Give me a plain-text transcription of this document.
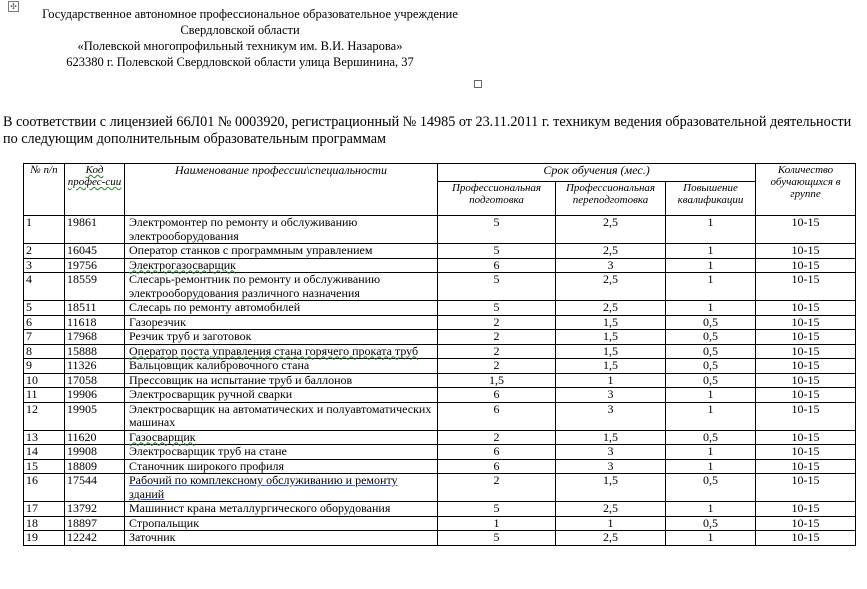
✣
Государственное автономное профессиональное образовательное учреждение
Свердловской области
«Полевской многопрофильный техникум им. В.И. Назарова»
623380 г. Полевской Свердловской области улица Вершинина, 37
В соответствии с лицензией 66Л01 № 0003920, регистрационный № 14985 от 23.11.2011 г. техникум ведения образовательной деятельности по следующим дополнительным образовательным программам
№ п/п	Код профес-сии	Наименование профессии\специальности	Срок обучения (мес.)			Количество обучающихся в группе
			Профессиональная подготовка	Профессиональная переподготовка	Повышение квалификации	
1	19861	Электромонтер по ремонту и обслуживанию электрооборудования	5	2,5	1	10-15
2	16045	Оператор станков с программным управлением	5	2,5	1	10-15
3	19756	Электрогазосварщик	6	3	1	10-15
4	18559	Слесарь-ремонтник по ремонту и обслуживанию электрооборудования различного назначения	5	2,5	1	10-15
5	18511	Слесарь по ремонту автомобилей	5	2,5	1	10-15
6	11618	Газорезчик	2	1,5	0,5	10-15
7	17968	Резчик труб и заготовок	2	1,5	0,5	10-15
8	15888	Оператор поста управления стана горячего проката труб	2	1,5	0,5	10-15
9	11326	Вальцовщик калибровочного стана	2	1,5	0,5	10-15
10	17058	Прессовщик на испытание труб и баллонов	1,5	1	0,5	10-15
11	19906	Электросварщик ручной сварки	6	3	1	10-15
12	19905	Электросварщик на автоматических и полуавтоматических машинах	6	3	1	10-15
13	11620	Газосварщик	2	1,5	0,5	10-15
14	19908	Электросварщик труб на стане	6	3	1	10-15
15	18809	Станочник широкого профиля	6	3	1	10-15
16	17544	Рабочий по комплексному обслуживанию и ремонту зданий	2	1,5	0,5	10-15
17	13792	Машинист крана металлургического оборудования	5	2,5	1	10-15
18	18897	Стропальщик	1	1	0,5	10-15
19	12242	Заточник	5	2,5	1	10-15
